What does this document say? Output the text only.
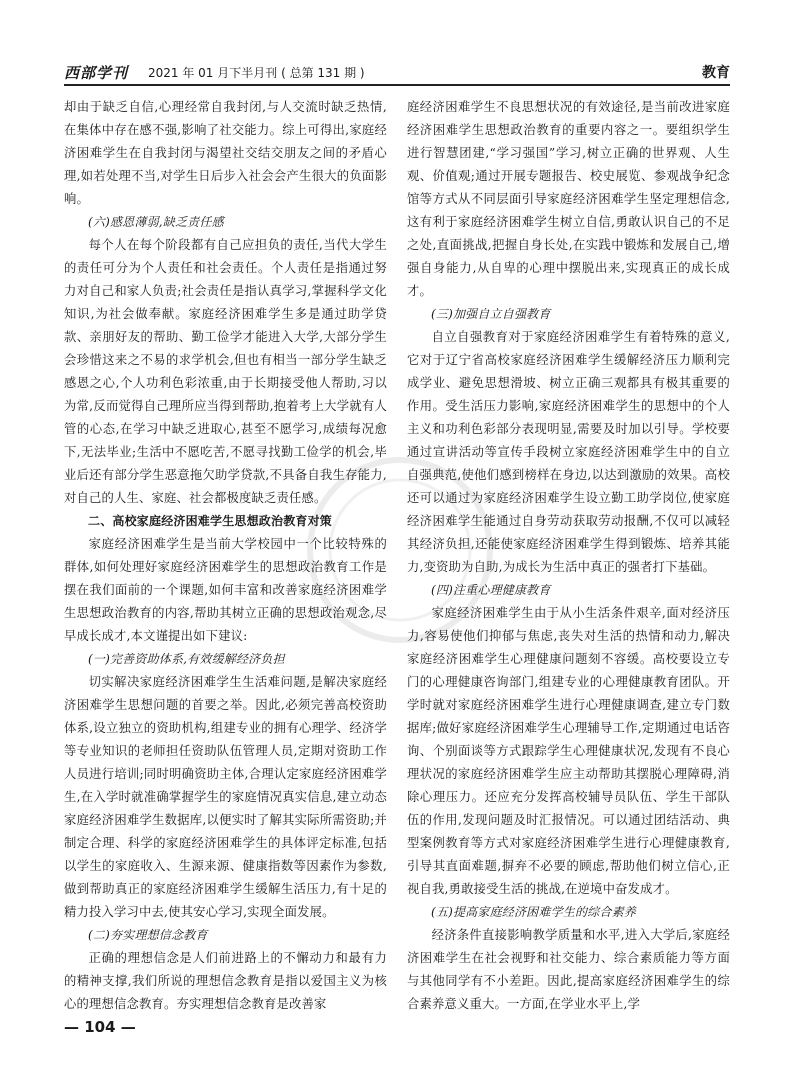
西部学刊 2021 年 01 月下半月刊 ( 总第 131 期 )	教育

却由于缺乏自信,心理经常自我封闭,与人交流时缺乏热情,在集体中存在感不强,影响了社交能力。综上可得出,家庭经济困难学生在自我封闭与渴望社交结交朋友之间的矛盾心理,如若处理不当,对学生日后步入社会会产生很大的负面影响。

(六)感恩薄弱,缺乏责任感

每个人在每个阶段都有自己应担负的责任,当代大学生的责任可分为个人责任和社会责任。个人责任是指通过努力对自己和家人负责;社会责任是指认真学习,掌握科学文化知识,为社会做奉献。家庭经济困难学生多是通过助学贷款、亲朋好友的帮助、勤工俭学才能进入大学,大部分学生会珍惜这来之不易的求学机会,但也有相当一部分学生缺乏感恩之心,个人功利色彩浓重,由于长期接受他人帮助,习以为常,反而觉得自己理所应当得到帮助,抱着考上大学就有人管的心态,在学习中缺乏进取心,甚至不愿学习,成绩每况愈下,无法毕业;生活中不愿吃苦,不愿寻找勤工俭学的机会,毕业后还有部分学生恶意拖欠助学贷款,不具备自我生存能力,对自己的人生、家庭、社会都极度缺乏责任感。

二、高校家庭经济困难学生思想政治教育对策

家庭经济困难学生是当前大学校园中一个比较特殊的群体,如何处理好家庭经济困难学生的思想政治教育工作是摆在我们面前的一个课题,如何丰富和改善家庭经济困难学生思想政治教育的内容,帮助其树立正确的思想政治观念,尽早成长成才,本文谨提出如下建议:

(一)完善资助体系,有效缓解经济负担

切实解决家庭经济困难学生生活难问题,是解决家庭经济困难学生思想问题的首要之举。因此,必须完善高校资助体系,设立独立的资助机构,组建专业的拥有心理学、经济学等专业知识的老师担任资助队伍管理人员,定期对资助工作人员进行培训;同时明确资助主体,合理认定家庭经济困难学生,在入学时就准确掌握学生的家庭情况真实信息,建立动态家庭经济困难学生数据库,以便实时了解其实际所需资助;并制定合理、科学的家庭经济困难学生的具体评定标准,包括以学生的家庭收入、生源来源、健康指数等因素作为参数,做到帮助真正的家庭经济困难学生缓解生活压力,有十足的精力投入学习中去,使其安心学习,实现全面发展。

(二)夯实理想信念教育

正确的理想信念是人们前进路上的不懈动力和最有力的精神支撑,我们所说的理想信念教育是指以爱国主义为核心的理想信念教育。夯实理想信念教育是改善家

庭经济困难学生不良思想状况的有效途径,是当前改进家庭经济困难学生思想政治教育的重要内容之一。要组织学生进行智慧团建,“学习强国”学习,树立正确的世界观、人生观、价值观;通过开展专题报告、校史展览、参观战争纪念馆等方式从不同层面引导家庭经济困难学生坚定理想信念,这有利于家庭经济困难学生树立自信,勇敢认识自己的不足之处,直面挑战,把握自身长处,在实践中锻炼和发展自己,增强自身能力,从自卑的心理中摆脱出来,实现真正的成长成才。

(三)加强自立自强教育

自立自强教育对于家庭经济困难学生有着特殊的意义,它对于辽宁省高校家庭经济困难学生缓解经济压力顺利完成学业、避免思想滑坡、树立正确三观都具有极其重要的作用。受生活压力影响,家庭经济困难学生的思想中的个人主义和功利色彩部分表现明显,需要及时加以引导。学校要通过宣讲活动等宣传手段树立家庭经济困难学生中的自立自强典范,使他们感到榜样在身边,以达到激励的效果。高校还可以通过为家庭经济困难学生设立勤工助学岗位,使家庭经济困难学生能通过自身劳动获取劳动报酬,不仅可以减轻其经济负担,还能使家庭经济困难学生得到锻炼、培养其能力,变资助为自助,为成长为生活中真正的强者打下基础。

(四)注重心理健康教育

家庭经济困难学生由于从小生活条件艰辛,面对经济压力,容易使他们抑郁与焦虑,丧失对生活的热情和动力,解决家庭经济困难学生心理健康问题刻不容缓。高校要设立专门的心理健康咨询部门,组建专业的心理健康教育团队。开学时就对家庭经济困难学生进行心理健康调查,建立专门数据库;做好家庭经济困难学生心理辅导工作,定期通过电话咨询、个别面谈等方式跟踪学生心理健康状况,发现有不良心理状况的家庭经济困难学生应主动帮助其摆脱心理障碍,消除心理压力。还应充分发挥高校辅导员队伍、学生干部队伍的作用,发现问题及时汇报情况。可以通过团结活动、典型案例教育等方式对家庭经济困难学生进行心理健康教育,引导其直面难题,摒弃不必要的顾虑,帮助他们树立信心,正视自我,勇敢接受生活的挑战,在逆境中奋发成才。

(五)提高家庭经济困难学生的综合素养

经济条件直接影响教学质量和水平,进入大学后,家庭经济困难学生在社会视野和社交能力、综合素质能力等方面与其他同学有不小差距。因此,提高家庭经济困难学生的综合素养意义重大。一方面,在学业水平上,学

— 104 —
